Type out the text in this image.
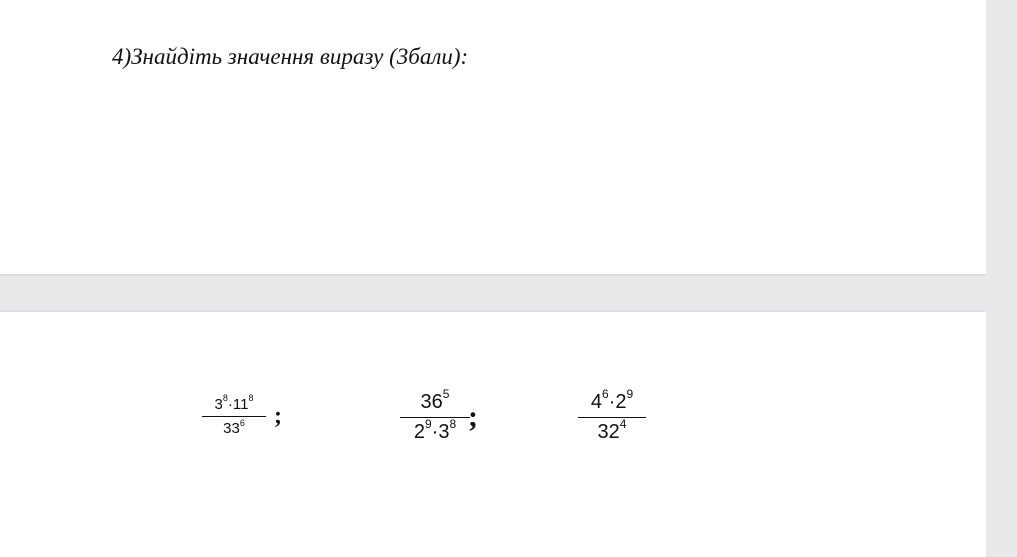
4)Знайдіть значення виразу (3бали):
$3^8\cdot 11^8$
$33^6$	;
$36^5$
$2^9\cdot 3^8$ ;	$4^6\cdot 2^9$
$32^4$
